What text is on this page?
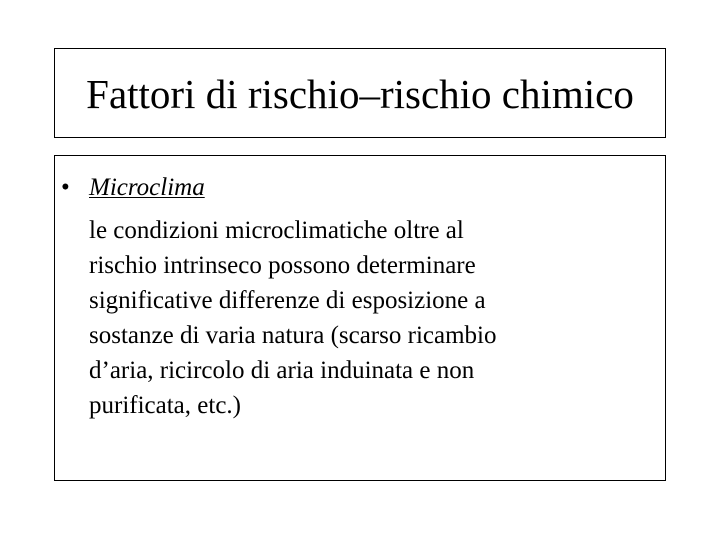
Fattori di rischio–rischio chimico
• Microclima
le condizioni microclimatiche oltre al
rischio intrinseco possono determinare
significative differenze di esposizione a
sostanze di varia natura (scarso ricambio
d’aria, ricircolo di aria induinata e non
purificata, etc.)
